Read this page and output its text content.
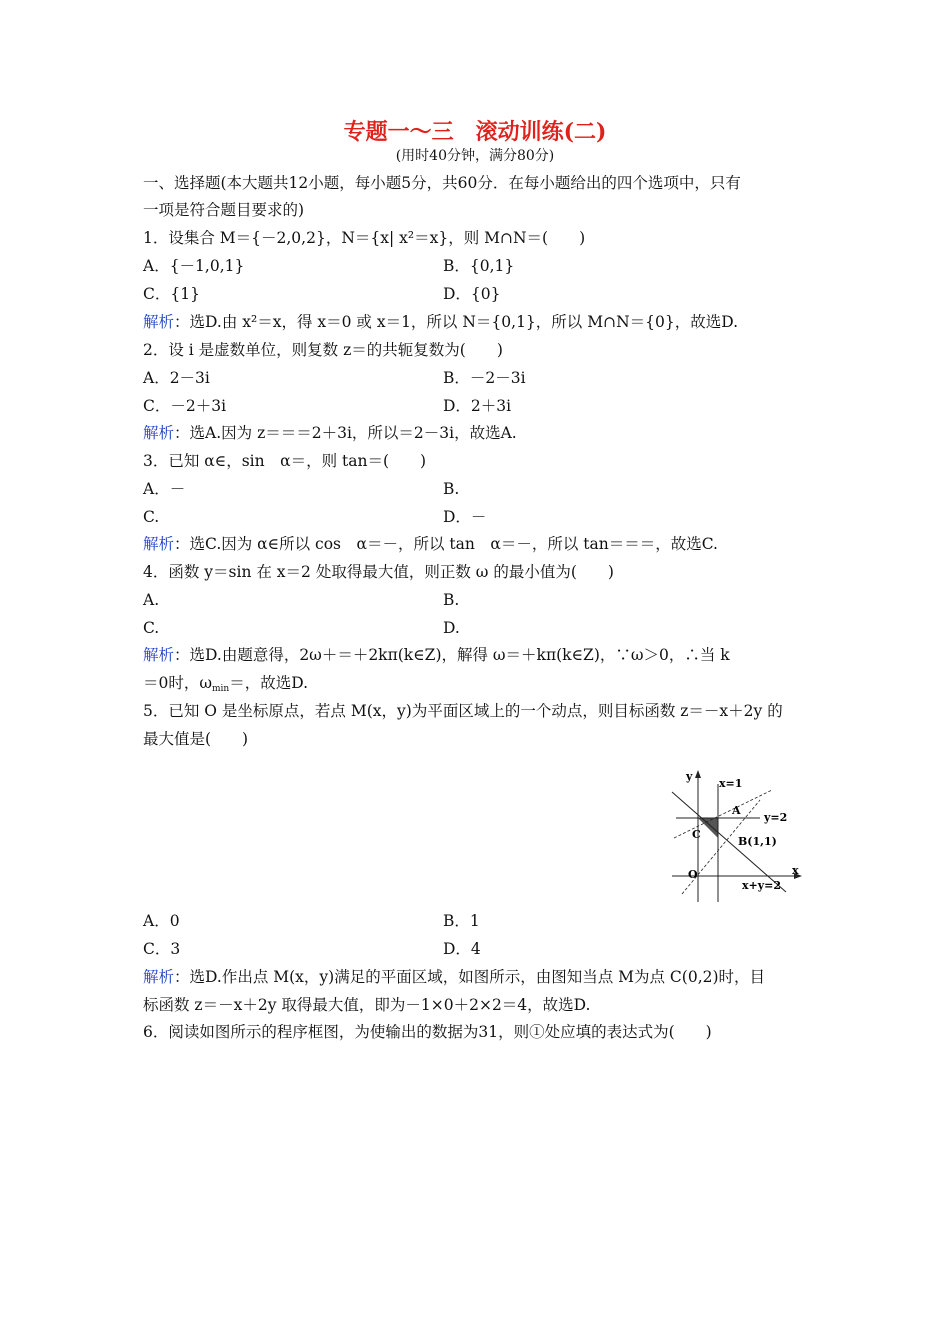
专题一～三　滚动训练(二)
(用时40分钟，满分80分)
一、选择题(本大题共12小题，每小题5分，共60分．在每小题给出的四个选项中，只有
一项是符合题目要求的)
1．设集合 M＝{－2,0,2}，N＝{x| x²＝x}，则 M∩N＝(　　)
A．{－1,0,1}	B．{0,1}
C．{1}	D．{0}
解析：选D.由 x²＝x，得 x＝0 或 x＝1，所以 N＝{0,1}，所以 M∩N＝{0}，故选D.
2．设 i 是虚数单位，则复数 z＝的共轭复数为(　　)
A．2－3i	B．－2－3i
C．－2＋3i	D．2＋3i
解析：选A.因为 z＝＝＝2＋3i，所以＝2－3i，故选A.
3．已知 α∈，sin　α＝，则 tan＝(　　)
A．－	B.
C.	D．－
解析：选C.因为 α∈所以 cos　α＝－，所以 tan　α＝－，所以 tan＝＝＝，故选C.
4．函数 y＝sin 在 x＝2 处取得最大值，则正数 ω 的最小值为(　　)
A.	B.
C.	D.
解析：选D.由题意得，2ω＋＝＋2kπ(k∈Z)，解得 ω＝＋kπ(k∈Z)，∵ω＞0，∴当 k
＝0时，$\omega_{min}=$，故选D.
5．已知 O 是坐标原点，若点 M(x，y)为平面区域上的一个动点，则目标函数 z＝－x＋2y 的
最大值是(　　)
y
x
O
x=1
y=2
x+y=2
A
B(1,1)
C
A．0	B．1
C．3	D．4
解析：选D.作出点 M(x，y)满足的平面区域，如图所示，由图知当点 M为点 C(0,2)时，目
标函数 z＝－x＋2y 取得最大值，即为－1×0＋2×2＝4，故选D.
6．阅读如图所示的程序框图，为使输出的数据为31，则①处应填的表达式为(　　)
